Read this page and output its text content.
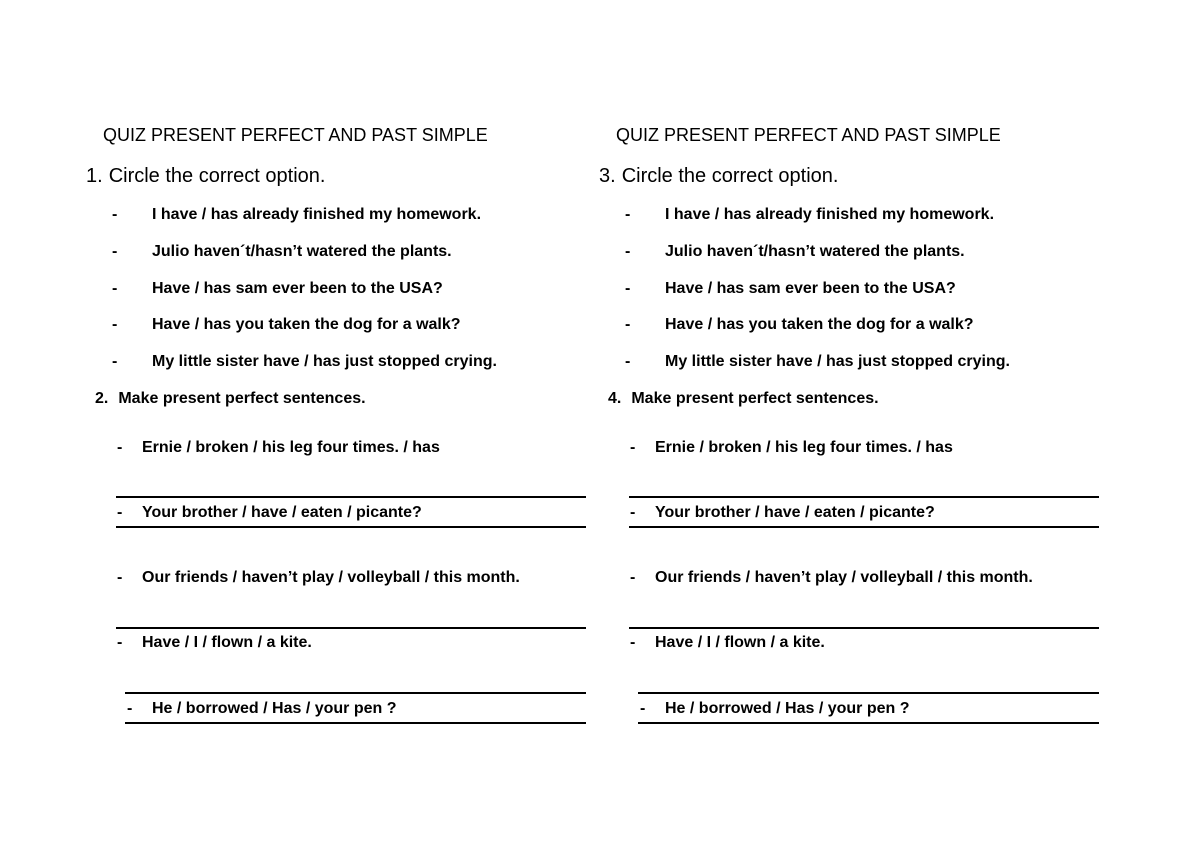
QUIZ PRESENT PERFECT AND PAST SIMPLE
1. Circle the correct option.
- I have / has already finished my homework.
- Julio haven´t/hasn’t watered the plants.
- Have / has sam ever been to the USA?
- Have / has you taken the dog for a walk?
- My little sister have / has just stopped crying.
2. Make present perfect sentences.
- Ernie / broken / his leg four times. / has
- Your brother / have / eaten / picante?
- Our friends / haven’t play / volleyball / this month.
- Have / I / flown / a kite.
- He / borrowed / Has / your pen ?
QUIZ PRESENT PERFECT AND PAST SIMPLE
3. Circle the correct option.
- I have / has already finished my homework.
- Julio haven´t/hasn’t watered the plants.
- Have / has sam ever been to the USA?
- Have / has you taken the dog for a walk?
- My little sister have / has just stopped crying.
4. Make present perfect sentences.
- Ernie / broken / his leg four times. / has
- Your brother / have / eaten / picante?
- Our friends / haven’t play / volleyball / this month.
- Have / I / flown / a kite.
- He / borrowed / Has / your pen ?
